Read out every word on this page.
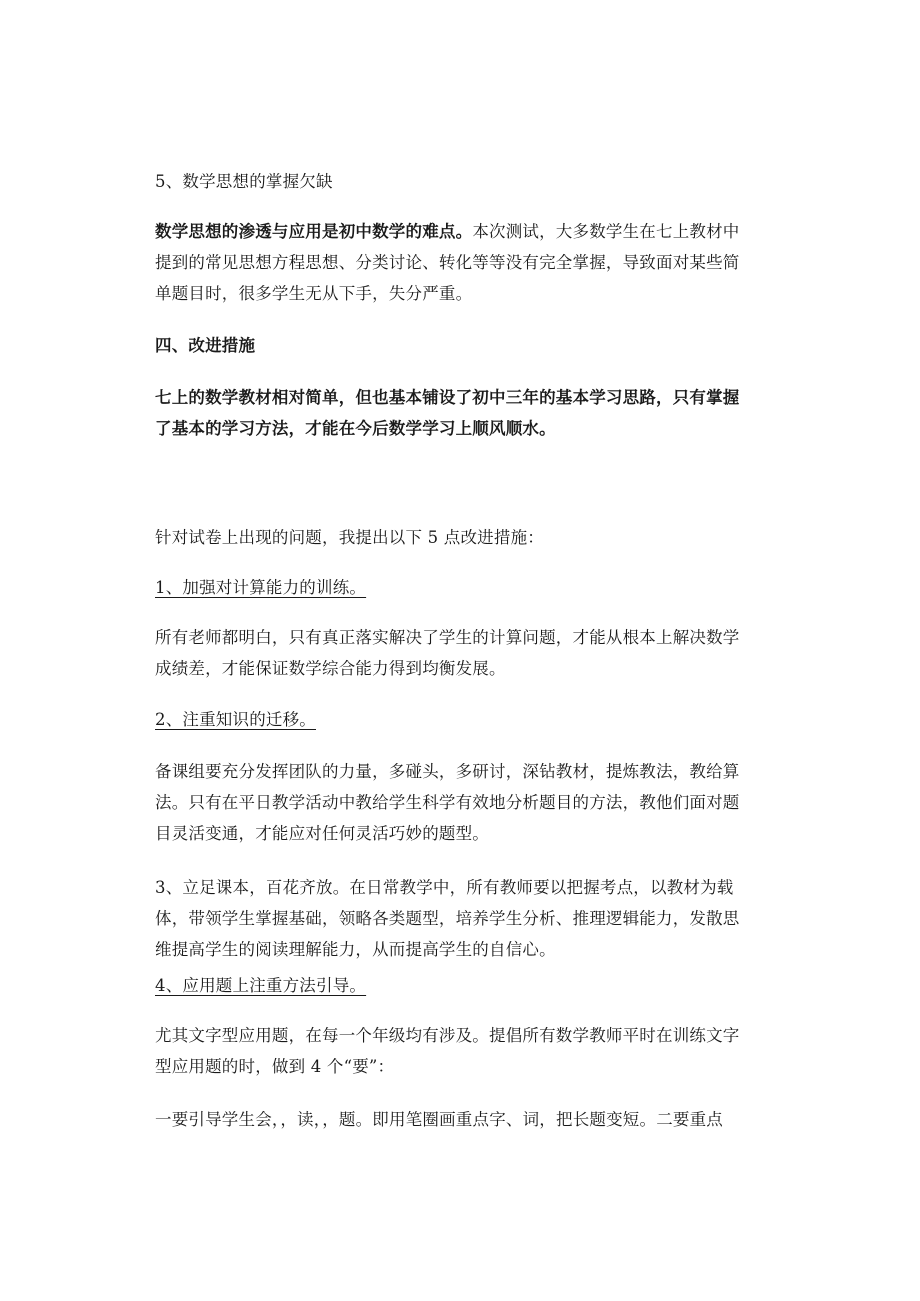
5、数学思想的掌握欠缺

数学思想的渗透与应用是初中数学的难点。本次测试，大多数学生在七上教材中
提到的常见思想方程思想、分类讨论、转化等等没有完全掌握，导致面对某些简
单题目时，很多学生无从下手，失分严重。

四、改进措施

七上的数学教材相对简单，但也基本铺设了初中三年的基本学习思路，只有掌握
了基本的学习方法，才能在今后数学学习上顺风顺水。

针对试卷上出现的问题，我提出以下 5 点改进措施：

1、加强对计算能力的训练。

所有老师都明白，只有真正落实解决了学生的计算问题，才能从根本上解决数学
成绩差，才能保证数学综合能力得到均衡发展。

2、注重知识的迁移。

备课组要充分发挥团队的力量，多碰头，多研讨，深钻教材，提炼教法，教给算
法。只有在平日教学活动中教给学生科学有效地分析题目的方法，教他们面对题
目灵活变通，才能应对任何灵活巧妙的题型。

3、立足课本，百花齐放。在日常教学中，所有教师要以把握考点，以教材为载
体，带领学生掌握基础，领略各类题型，培养学生分析、推理逻辑能力，发散思
维提高学生的阅读理解能力，从而提高学生的自信心。

4、应用题上注重方法引导。

尤其文字型应用题，在每一个年级均有涉及。提倡所有数学教师平时在训练文字
型应用题的时，做到 4 个“要”：

一要引导学生会，，读，，题。即用笔圈画重点字、词，把长题变短。二要重点
